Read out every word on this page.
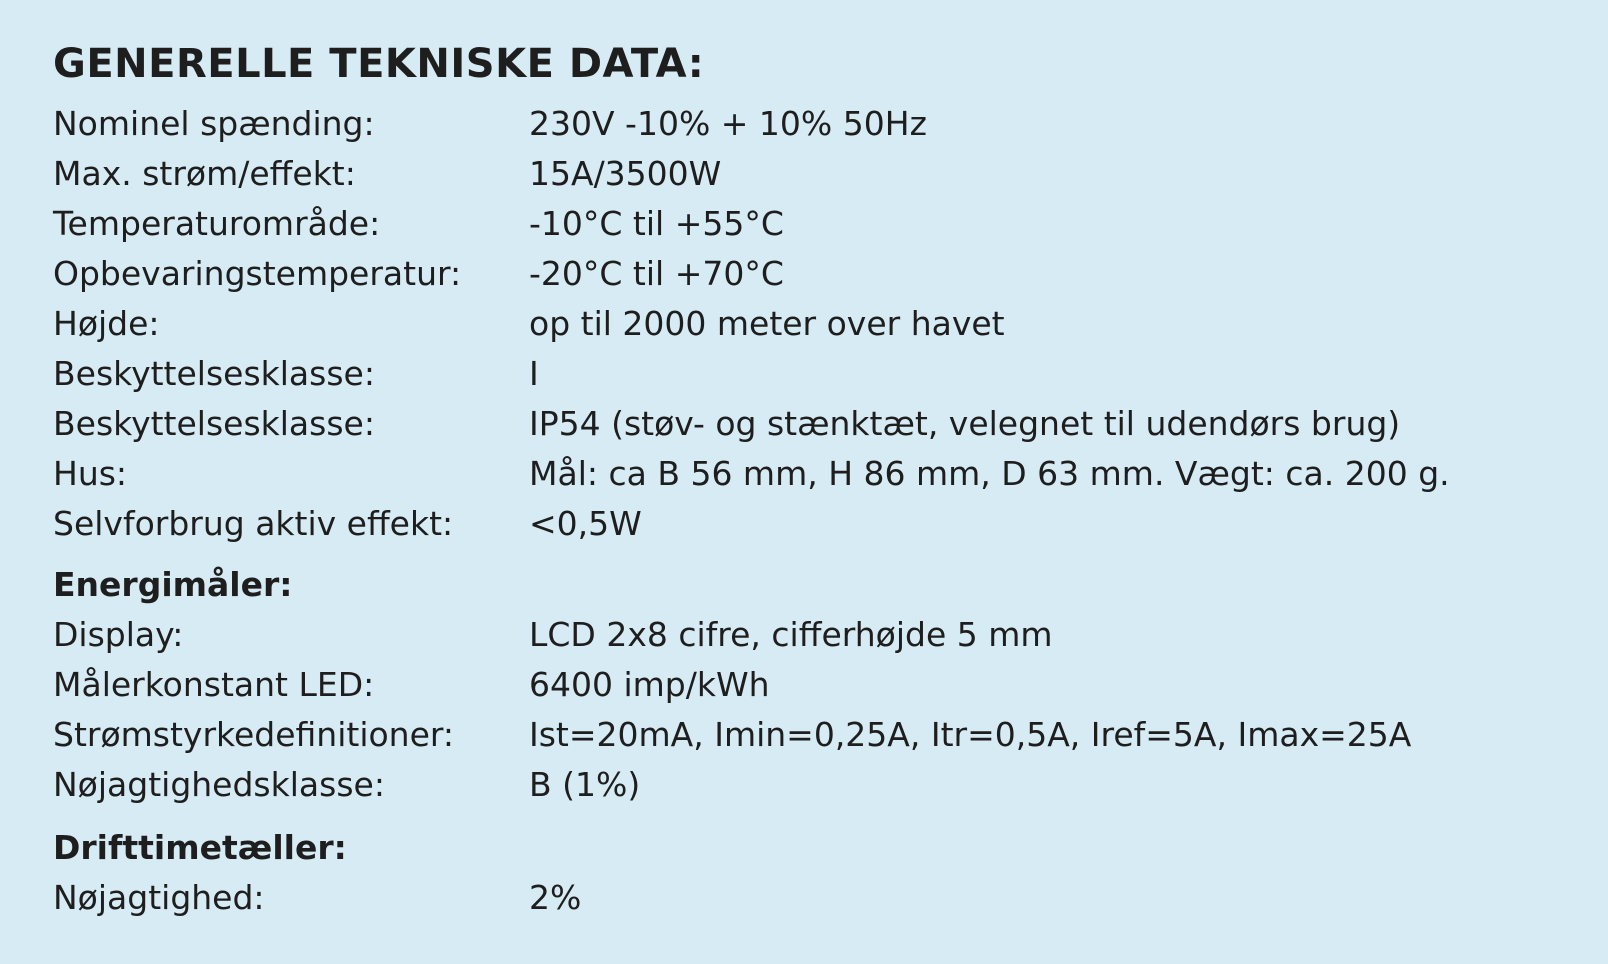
GENERELLE TEKNISKE DATA:
Nominel spænding:	230V -10% + 10% 50Hz
Max. strøm/effekt:	15A/3500W
Temperaturområde:	-10°C til +55°C
Opbevaringstemperatur:	-20°C til +70°C
Højde:	op til 2000 meter over havet
Beskyttelsesklasse:	I
Beskyttelsesklasse:	IP54 (støv- og stænktæt, velegnet til udendørs brug)
Hus:	Mål: ca B 56 mm, H 86 mm, D 63 mm. Vægt: ca. 200 g.
Selvforbrug aktiv effekt:	<0,5W
Energimåler:
Display:	LCD 2x8 cifre, cifferhøjde 5 mm
Målerkonstant LED:	6400 imp/kWh
Strømstyrkedefinitioner:	Ist=20mA, Imin=0,25A, Itr=0,5A, Iref=5A, Imax=25A
Nøjagtighedsklasse:	B (1%)
Drifttimetæller:
Nøjagtighed:	2%
